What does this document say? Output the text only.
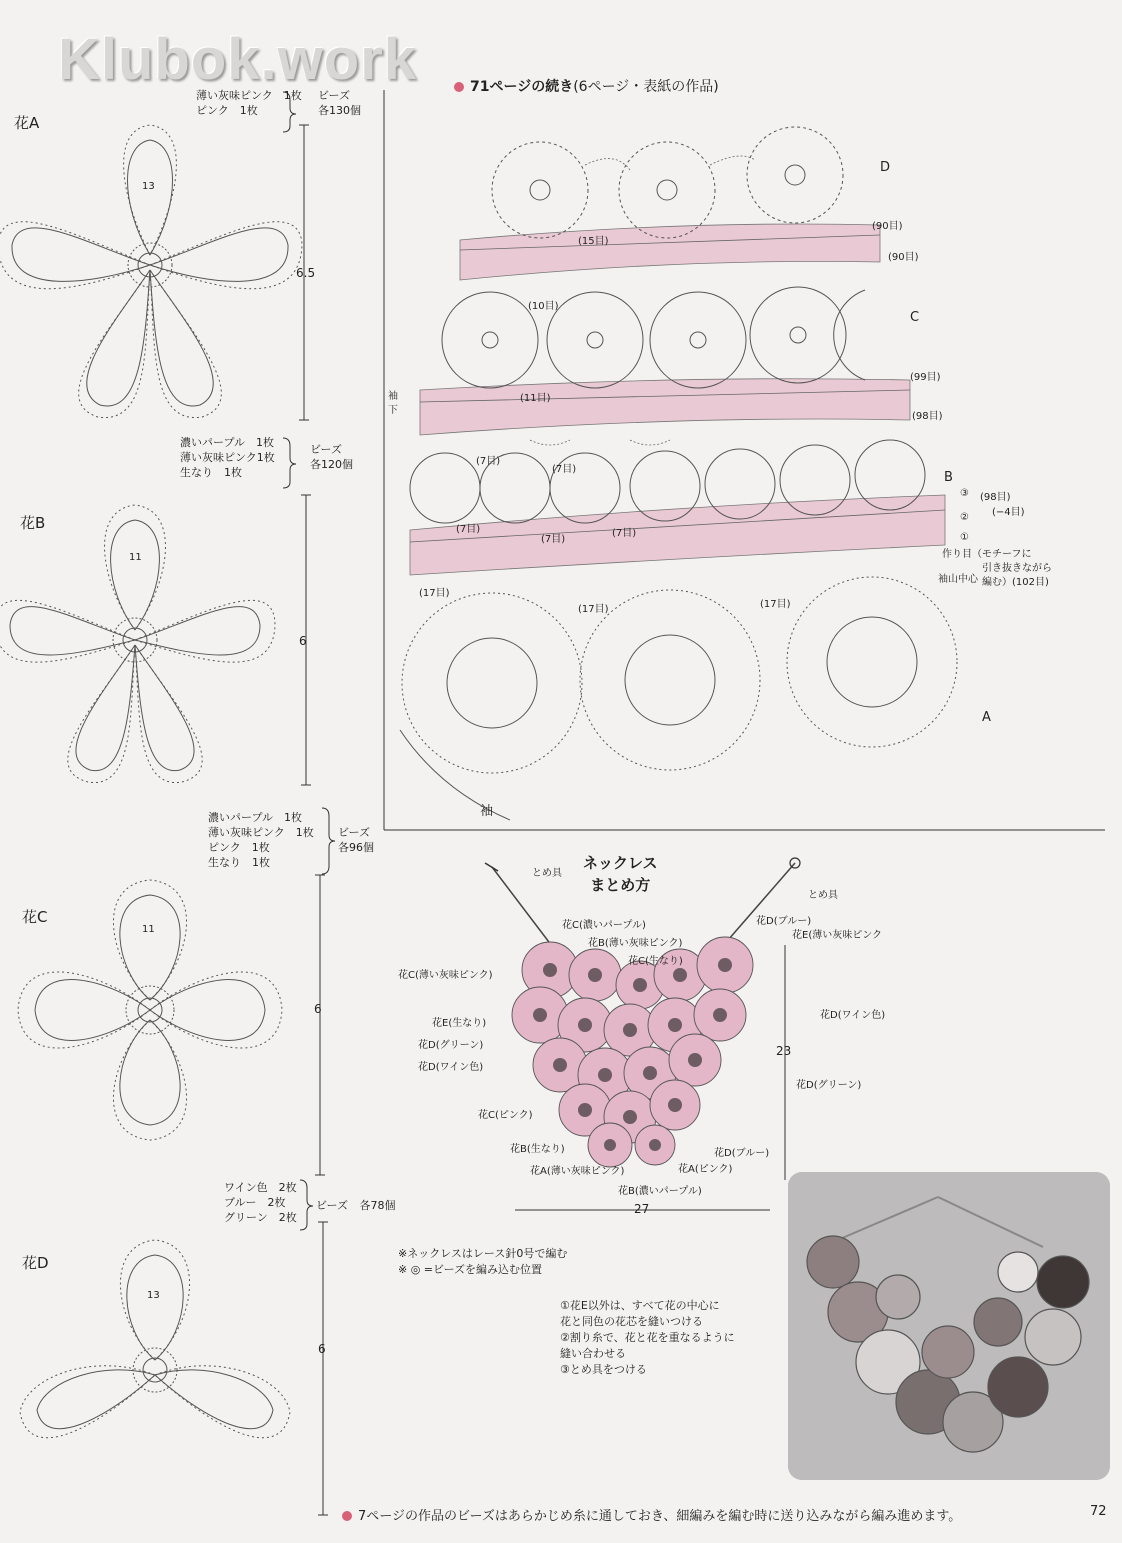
Klubok.work	71ページの続き(6ページ・表紙の作品)
13
11
11
13
花A
薄い灰味ピンク　1枚
ピンク　1枚
ビーズ
各130個
6.5
花B
濃いパープル　1枚
薄い灰味ピンク1枚
生なり　1枚
ビーズ
各120個
6
花C
濃いパープル　1枚
薄い灰味ピンク　1枚
ピンク　1枚
生なり　1枚
ビーズ
各96個
6
花D
ワイン色　2枚
ブルー　2枚
グリーン　2枚
ビーズ 各78個
6
D
C
B
A
(90目)
(90目)
(15目)
(10目)
(99目)
(98目)
(11目)
(7目)
(7目)
(7目)
(7目)
(7目)
(17目)
(17目)	(17目)
③ (98目)
② (−4目)
①
作り目（モチーフに
引き抜きながら
編む）(102目)
袖山中心
袖
下
袖
ネックレス
まとめ方
とめ具
とめ具
花C(濃いパープル)
花B(薄い灰味ピンク)
花C(生なり)
花D(ブルー)
花E(薄い灰味ピンク
花C(薄い灰味ピンク)
花D(ワイン色)
花E(生なり)
花D(グリーン)
花D(ワイン色)
花D(グリーン)
花C(ピンク)
花B(生なり)	花D(ブルー)
花A(薄い灰味ピンク)	花A(ピンク)
花B(濃いパープル)
23
27
※ネックレスはレース針0号で編む
※ ◎ =ビーズを編み込む位置
①花E以外は、すべて花の中心に
花と同色の花芯を縫いつける
②割り糸で、花と花を重なるように
縫い合わせる
③とめ具をつける
7ページの作品のビーズはあらかじめ糸に通しておき、細編みを編む時に送り込みながら編み進めます。	72
